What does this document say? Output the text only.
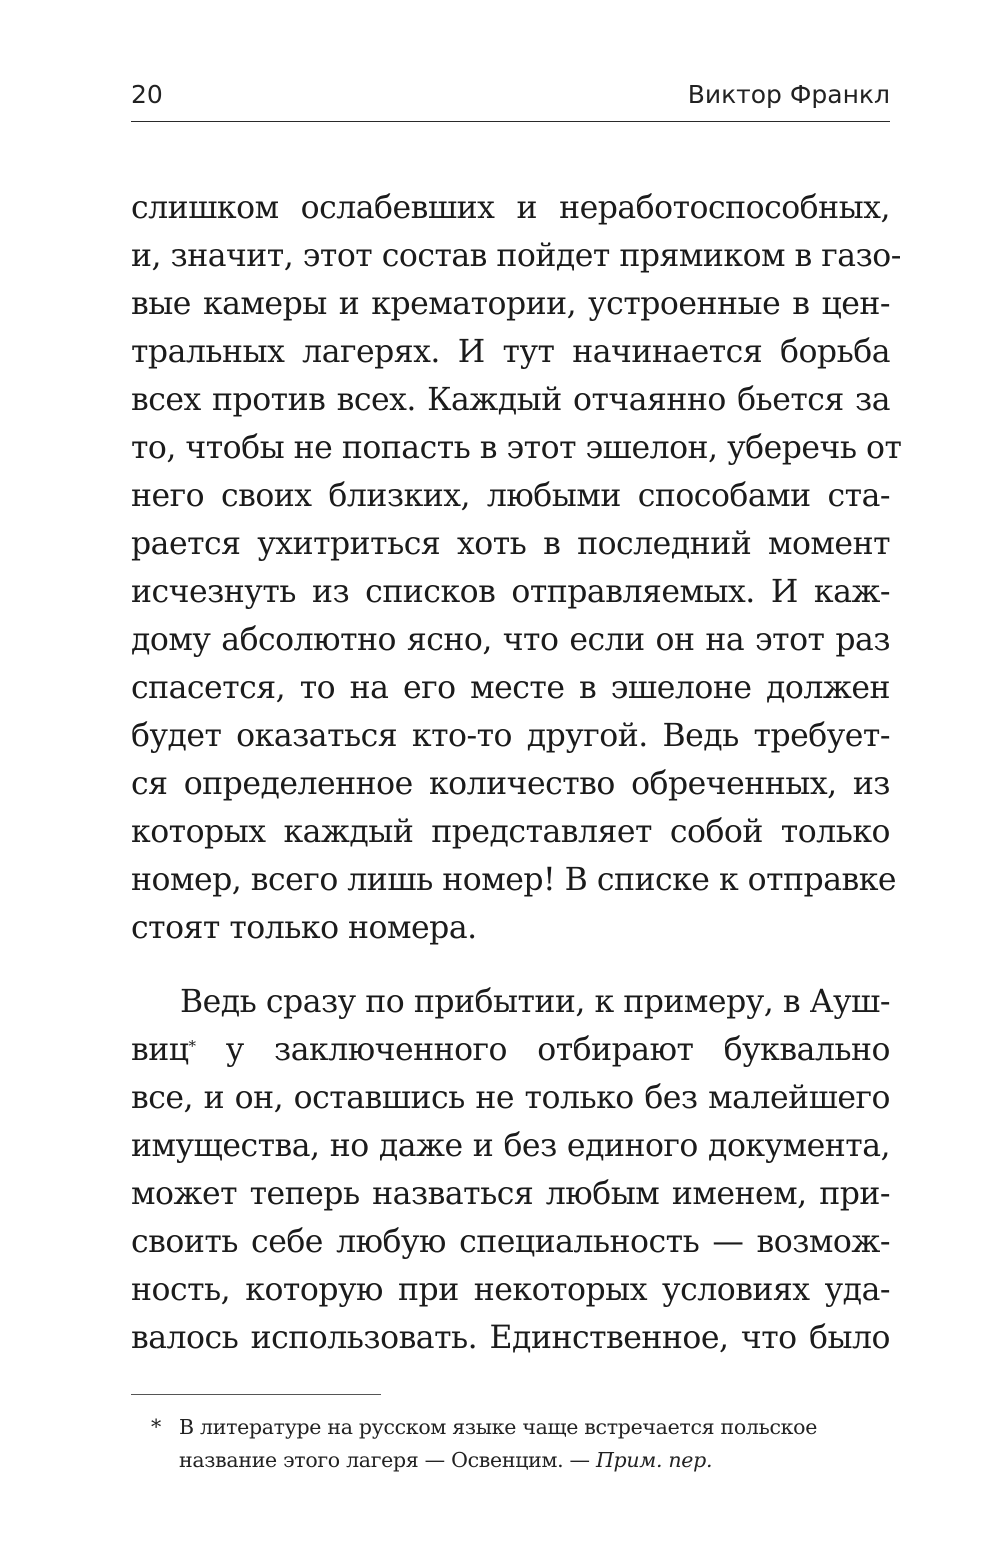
20	Виктор Франкл
слишком ослабевших и неработоспособных,
и, значит, этот состав пойдет прямиком в газо-
вые камеры и крематории, устроенные в цен-
тральных лагерях. И тут начинается борьба
всех против всех. Каждый отчаянно бьется за
то, чтобы не попасть в этот эшелон, уберечь от
него своих близких, любыми способами ста-
рается ухитриться хоть в последний момент
исчезнуть из списков отправляемых. И каж-
дому абсолютно ясно, что если он на этот раз
спасется, то на его месте в эшелоне должен
будет оказаться кто-то другой. Ведь требует-
ся определенное количество обреченных, из
которых каждый представляет собой только
номер, всего лишь номер! В списке к отправке
стоят только номера.
Ведь сразу по прибытии, к примеру, в Ауш-
виц* у заключенного отбирают буквально
все, и он, оставшись не только без малейшего
имущества, но даже и без единого документа,
может теперь назваться любым именем, при-
своить себе любую специальность — возмож-
ность, которую при некоторых условиях уда-
валось использовать. Единственное, что было
* В литературе на русском языке чаще встречается польское
название этого лагеря — Освенцим. — Прим. пер.
